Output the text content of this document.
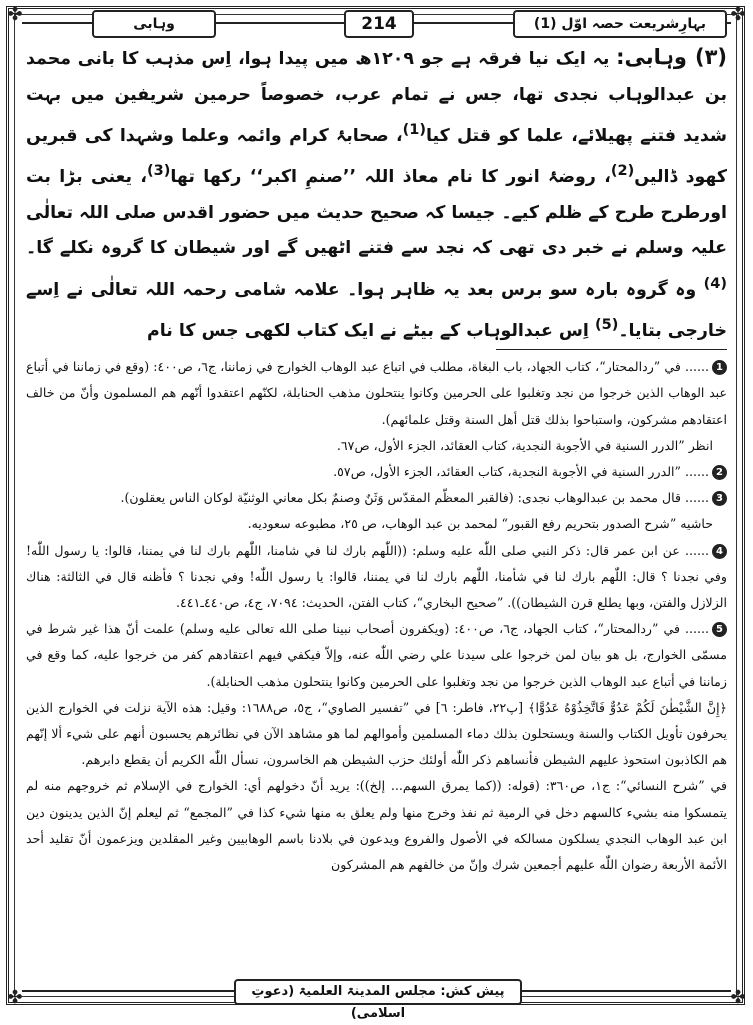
✤	✤
✤	✤
بہارِشریعت حصہ اوّل (1)
214
وہابی

(۳) وہابی: یہ ایک نیا فرقہ ہے جو ۱۲۰۹ھ میں پیدا ہوا، اِس مذہب کا بانی محمد بن عبدالوہاب نجدی تھا، جس نے تمام عرب، خصوصاً حرمین شریفین میں بہت شدید فتنے پھیلائے، علما کو قتل کیا$^{(1)}$، صحابۂ کرام وائمہ وعلما وشہدا کی قبریں کھود ڈالیں$^{(2)}$، روضۂ انور کا نام معاذ اللہ ’’صنمِ اکبر‘‘ رکھا تھا$^{(3)}$، یعنی بڑا بت اورطرح طرح کے ظلم کیے۔ جیسا کہ صحیح حدیث میں حضور اقدس صلی اللہ تعالٰی علیہ وسلم نے خبر دی تھی کہ نجد سے فتنے اٹھیں گے اور شیطان کا گروہ نکلے گا۔$^{(4)}$ وہ گروہ بارہ سو برس بعد یہ ظاہر ہوا۔ علامہ شامی رحمہ اللہ تعالٰی نے اِسے خارجی بتایا۔$^{(5)}$ اِس عبدالوہاب کے بیٹے نے ایک کتاب لکھی جس کا نام

1...... في ”ردالمحتار“، كتاب الجهاد، باب البغاة، مطلب في اتباع عبد الوهاب الخوارج في زماننا، ج٦، ص٤٠٠: (وقع في زماننا في أتباع عبد الوهاب الذين خرجوا من نجد وتغلبوا على الحرمين وكانوا ينتحلون مذهب الحنابلة، لكنّهم اعتقدوا أنّهم هم المسلمون وأنّ من خالف اعتقادهم مشركون، واستباحوا بذلك قتل أهل السنة وقتل علمائهم).

انظر ”الدرر السنية في الأجوبة النجدية، كتاب العقائد، الجزء الأول، ص٦٧.

2...... ”الدرر السنية في الأجوبة النجدية، كتاب العقائد، الجزء الأول، ص٥٧.

3...... قال محمد بن عبدالوهاب نجدى: (فالقبر المعظّم المقدّس وَثَنٌ وصنمٌ بكل معاني الوثنيّة لوكان الناس يعقلون).

حاشيه ”شرح الصدور بتحريم رفع القبور“ لمحمد بن عبد الوهاب، ص ٢٥، مطبوعه سعوديه.

4...... عن ابن عمر قال: ذكر النبي صلى اللّٰه عليه وسلم: ((اللّٰهم بارك لنا في شامنا، اللّٰهم بارك لنا في يمننا، قالوا: يا رسول اللّٰه! وفي نجدنا ؟ قال: اللّٰهم بارك لنا في شأمنا، اللّٰهم بارك لنا في يمننا، قالوا: يا رسول اللّٰه! وفي نجدنا ؟ فأظنه قال في الثالثة: هناك الزلازل والفتن، وبها يطلع قرن الشيطان)). ”صحيح البخاري“، كتاب الفتن، الحديث: ٧٠٩٤، ج٤، ص٤٤٠ـ٤٤١.

5...... في ”ردالمحتار“، كتاب الجهاد، ج٦، ص٤٠٠: (ويكفرون أصحاب نبينا صلى الله تعالى عليه وسلم) علمت أنّ هذا غير شرط في مسمّى الخوارج، بل هو بيان لمن خرجوا على سيدنا علي رضي اللّٰه عنه، وإلاّ فيكفي فيهم اعتقادهم كفر من خرجوا عليه، كما وقع في زماننا في أتباع عبد الوهاب الذين خرجوا من نجد وتغلبوا على الحرمين وكانوا ينتحلون مذهب الحنابلة).

﴿إِنَّ الشَّيْطٰنَ لَكُمْ عَدُوٌّ فَاتَّخِذُوْهُ عَدُوًّا﴾ [پ٢٢، فاطر: ٦] في ”تفسير الصاوي“، ج٥، ص١٦٨٨: وقيل: هذه الآية نزلت في الخوارج الذين يحرفون تأويل الكتاب والسنة ويستحلون بذلك دماء المسلمين وأموالهم لما هو مشاهد الآن في نظائرهم يحسبون أنهم على شيء ألا إنّهم هم الكاذبون استحوذ عليهم الشيطن فأنساهم ذكر اللّٰه أولئك حزب الشيطن هم الخاسرون، نسأل اللّٰه الكريم أن يقطع دابرهم.

في ”شرح النسائي“: ج١، ص٣٦٠: (قوله: ((كما يمرق السهم... إلخ)): يريد أنّ دخولهم أي: الخوارج في الإسلام ثم خروجهم منه لم يتمسكوا منه بشيء كالسهم دخل في الرمية ثم نفذ وخرج منها ولم يعلق به منها شيء كذا في ”المجمع“ ثم ليعلم إنّ الذين يدينون دين ابن عبد الوهاب النجدي يسلكون مسالكه في الأصول والفروع ويدعون في بلادنا باسم الوهابيين وغير المقلدين ويزعمون أنّ تقليد أحد الأئمة الأربعة رضوان اللّٰه عليهم أجمعين شرك وإنّ من خالفهم هم المشركون

پیش کش: مجلس المدینۃ العلمیۃ (دعوتِ اسلامی)
